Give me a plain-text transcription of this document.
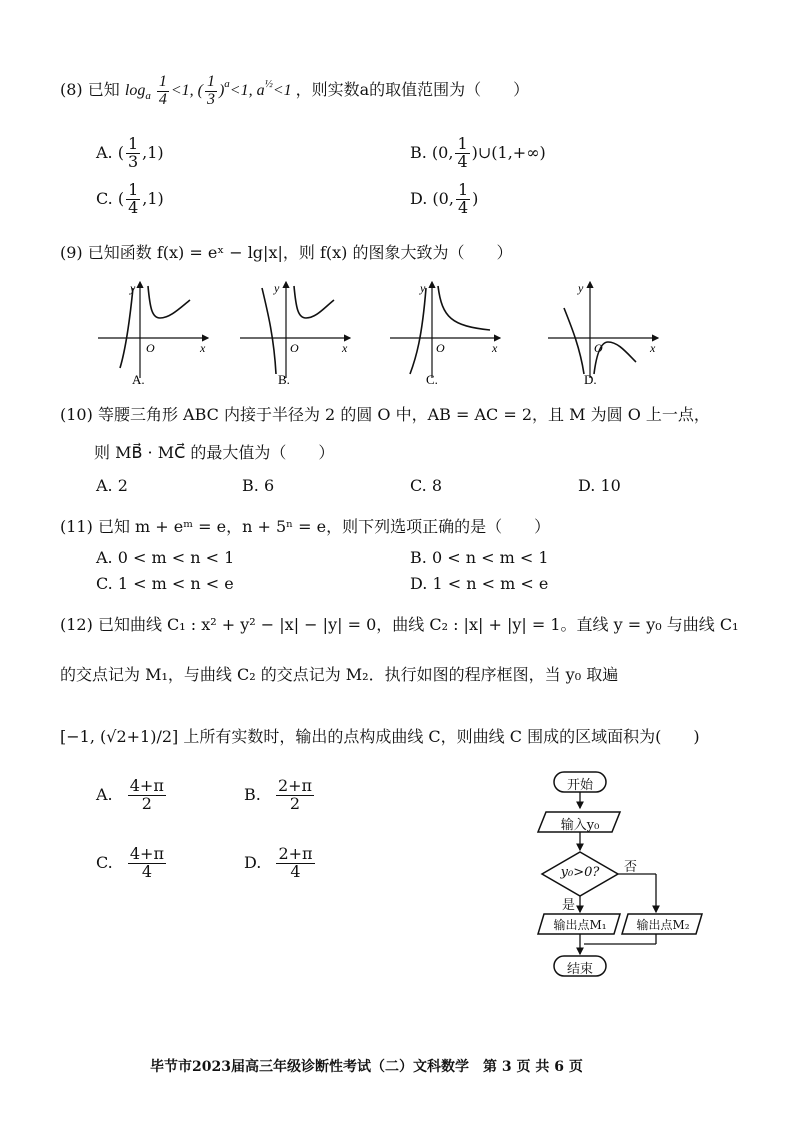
(8) 已知 $\log_a \frac{1}{4} <1$, ( $\frac{1}{3} )^a<1$, $a^{\frac{1}{2}}<1$ ，则实数a的取值范围为（　　）
A. ( $\frac{1}{3} ,1$)	B. (0, $\frac{1}{4}$ )∪(1,+∞)
C. ( $\frac{1}{4} ,1$)	D. (0, $\frac{1}{4}$ )
(9) 已知函数 f(x) = eˣ − lg|x|，则 f(x) 的图象大致为（　　）
y
x
O
A.
y
x
O
B.
y
x
O
C.
y
x
O
D.
(10) 等腰三角形 ABC 内接于半径为 2 的圆 O 中，AB = AC = 2，且 M 为圆 O 上一点，
则 MB⃗ · MC⃗ 的最大值为（　　）
A. 2	B. 6	C. 8	D. 10
(11) 已知 m + eᵐ = e，n + 5ⁿ = e，则下列选项正确的是（　　）
A. 0 < m < n < 1	B. 0 < n < m < 1
C. 1 < m < n < e	D. 1 < n < m < e
(12) 已知曲线 C₁ : x² + y² − |x| − |y| = 0，曲线 C₂ : |x| + |y| = 1。直线 y = y₀ 与曲线 C₁
的交点记为 M₁，与曲线 C₂ 的交点记为 M₂．执行如图的程序框图，当 y₀ 取遍
[−1, (√2+1)/2] 上所有实数时，输出的点构成曲线 C，则曲线 C 围成的区域面积为(　　)
A. $\frac{4+\pi}{2}$	B. $\frac{2+\pi}{2}$
C. $\frac{4+\pi}{4}$	D. $\frac{2+\pi}{4}$
开始
输入y₀
y₀>0?	否
是
输出点M₁	输出点M₂
结束
毕节市2023届高三年级诊断性考试（二）文科数学　第 3 页 共 6 页
